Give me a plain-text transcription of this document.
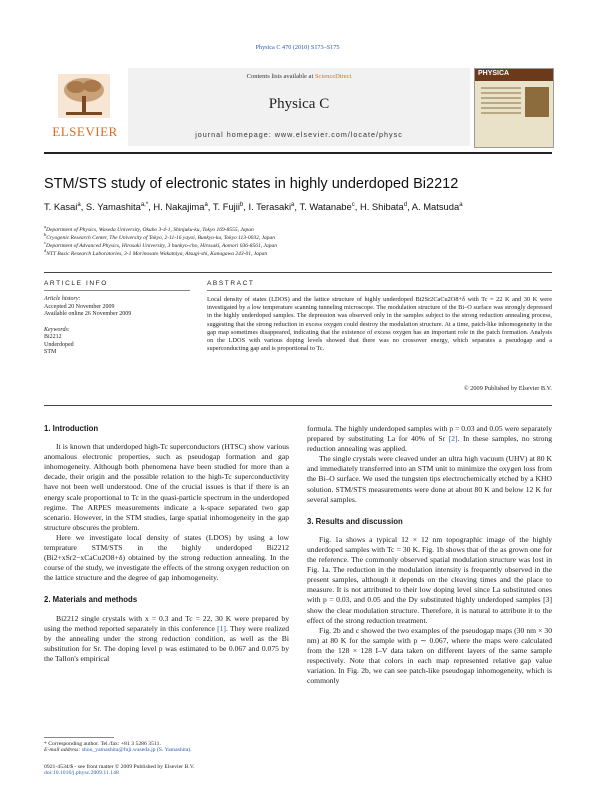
Physica C 470 (2010) S173–S175
ELSEVIER
Contents lists available at ScienceDirect
Physica C
journal homepage: www.elsevier.com/locate/physc
PHYSICA
STM/STS study of electronic states in highly underdoped Bi2212
T. Kasai$^a$, S. Yamashita$^{a,*}$, H. Nakajima$^a$, T. Fujii$^b$, I. Terasaki$^a$, T. Watanabe$^c$, H. Shibata$^d$, A. Matsuda$^a$
$^a$Department of Physics, Waseda University, Okubo 3-4-1, Shinjuku-ku, Tokyo 169-8555, Japan
$^b$Cryogenic Research Center, The University of Tokyo, 2-11-16 yayoi, Bunkyo-ku, Tokyo 113-0032, Japan
$^c$Department of Advanced Physics, Hirosaki University, 3 bunkyo-cho, Hirosaki, Aomori 036-8561, Japan
$^d$NTT Basic Research Laboratories, 3-1 Morinosato Wakamiya, Atsugi-shi, Kanagawa 243-01, Japan
ARTICLE INFO	ABSTRACT
Article history:
Accepted 20 November 2009
Available online 26 November 2009
Keywords:
Bi2212
Underdoped
STM
Local density of states (LDOS) and the lattice structure of highly underdoped Bi2Sr2CaCu2O8+δ with Tc = 22 K and 30 K were investigated by a low temperature scanning tunneling microscope. The modulation structure of the Bi–O surface was strongly depressed in the highly underdoped samples. The depression was observed only in the samples subject to the strong reduction annealing process, suggesting that the strong reduction in excess oxygen could destroy the modulation structure. At a time, patch-like inhomogeneity in the gap map sometimes disappeared, indicating that the existence of excess oxygen has an important role in the patch formation. Analysis on the LDOS with various doping levels showed that there was no crossover energy, which separates a pseudogap and a superconducting gap and is proportional to Tc.
© 2009 Published by Elsevier B.V.

1. Introduction

It is known that underdoped high-Tc superconductors (HTSC) show various anomalous electronic properties, such as pseudogap formation and gap inhomogeneity. Although both phenomena have been studied for more than a decade, their origin and the possible relation to the high-Tc superconductivity have not been well understood. One of the crucial issues is that if there is an energy scale proportional to Tc in the quasi-particle spectrum in the underdoped regime. The ARPES measurements indicate a k-space separated two gap scenario. However, in the STM studies, large spatial inhomogeneity in the gap structure obscures the problem.

Here we investigate local density of states (LDOS) by using a low temprature STM/STS in the highly underdoped Bi2212 (Bi2+xSr2−xCaCu2O8+δ) obtained by the strong reduction annealing. In the course of the study, we investigate the effects of the strong oxygen reduction on the lattice structure and the degree of gap inhomogeneity.

2. Materials and methods

Bi2212 single crystals with x = 0.3 and Tc = 22, 30 K were prepared by using the method reported separately in this conference [1]. They were realized by the annealing under the strong reduction condition, as well as the Bi substitution for Sr. The doping level p was estimated to be 0.067 and 0.075 by the Tallon's empirical

formula. The highly underdoped samples with p = 0.03 and 0.05 were separately prepared by substituting La for 40% of Sr [2]. In these samples, no strong reduction annealing was applied.

The single crystals were cleaved under an ultra high vacuum (UHV) at 80 K and immediately transferred into an STM unit to minimize the oxygen loss from the Bi–O surface. We used the tungsten tips electrochemically etched by a KHO solution. STM/STS measurements were done at about 80 K and below 12 K for several samples.

3. Results and discussion

Fig. 1a shows a typical 12 × 12 nm topographic image of the highly underdoped samples with Tc = 30 K. Fig. 1b shows that of the as grown one for the reference. The commonly observed spatial modulation structure was lost in Fig. 1a. The reduction in the modulation intensity is frequently observed in the present samples, although it depends on the cleaving times and the place to measure. It is not attributed to their low doping level since La substituted ones with p = 0.03, and 0.05 and the Dy substituted highly underdoped samples [3] show the clear modulation structure. Therefore, it is natural to attribute it to the effect of the strong reduction treatment.

Fig. 2b and c showed the two examples of the pseudogap maps (30 nm × 30 nm) at 80 K for the sample with p ∼ 0.067, where the maps were calculated from the 128 × 128 I–V data taken on different layers of the same sample respectively. Note that colors in each map represented relative gap value variation. In Fig. 2b, we can see patch-like pseudogap inhomogeneity, which is commonly

* Corresponding author. Tel./fax: +81 3 5286 3511.
E-mail address: shou_yamashita@fuji.waseda.jp (S. Yamashita).
0921-4534/$ - see front matter © 2009 Published by Elsevier B.V.
doi:10.1016/j.physc.2009.11.148
